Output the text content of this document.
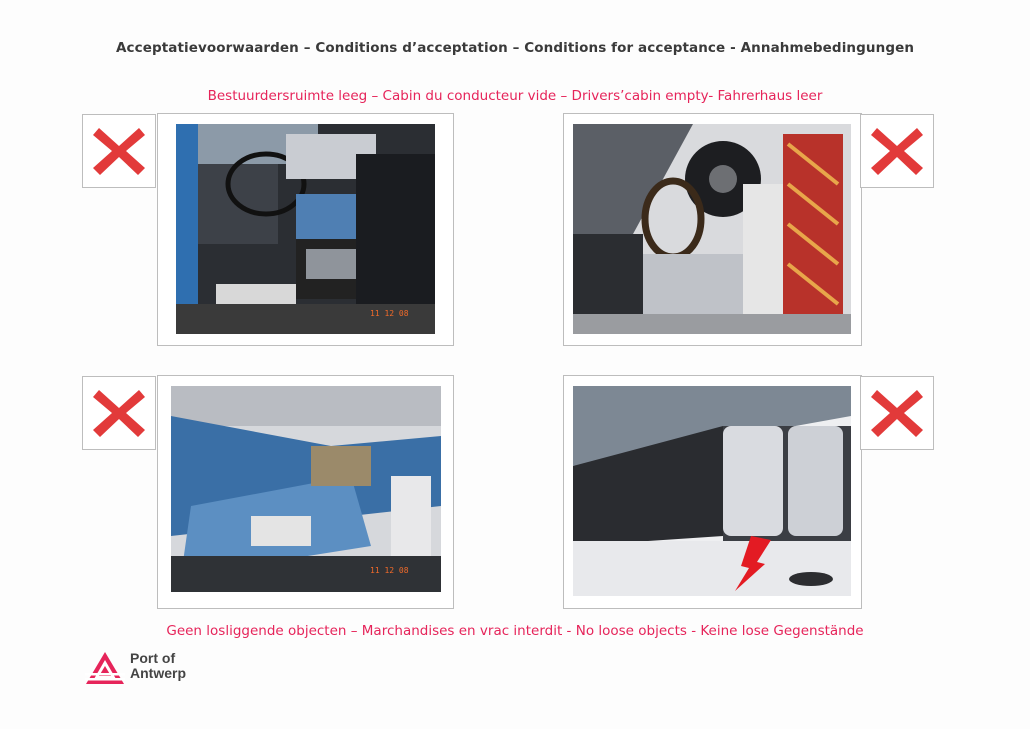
Acceptatievoorwaarden – Conditions d’acceptation – Conditions for acceptance - Annahmebedingungen
Bestuurdersruimte leeg – Cabin du conducteur vide – Drivers’cabin empty- Fahrerhaus leer
11 12 08
11 12 08
Geen losliggende objecten – Marchandises en vrac interdit - No loose objects - Keine lose Gegenstände
Port of
Antwerp
